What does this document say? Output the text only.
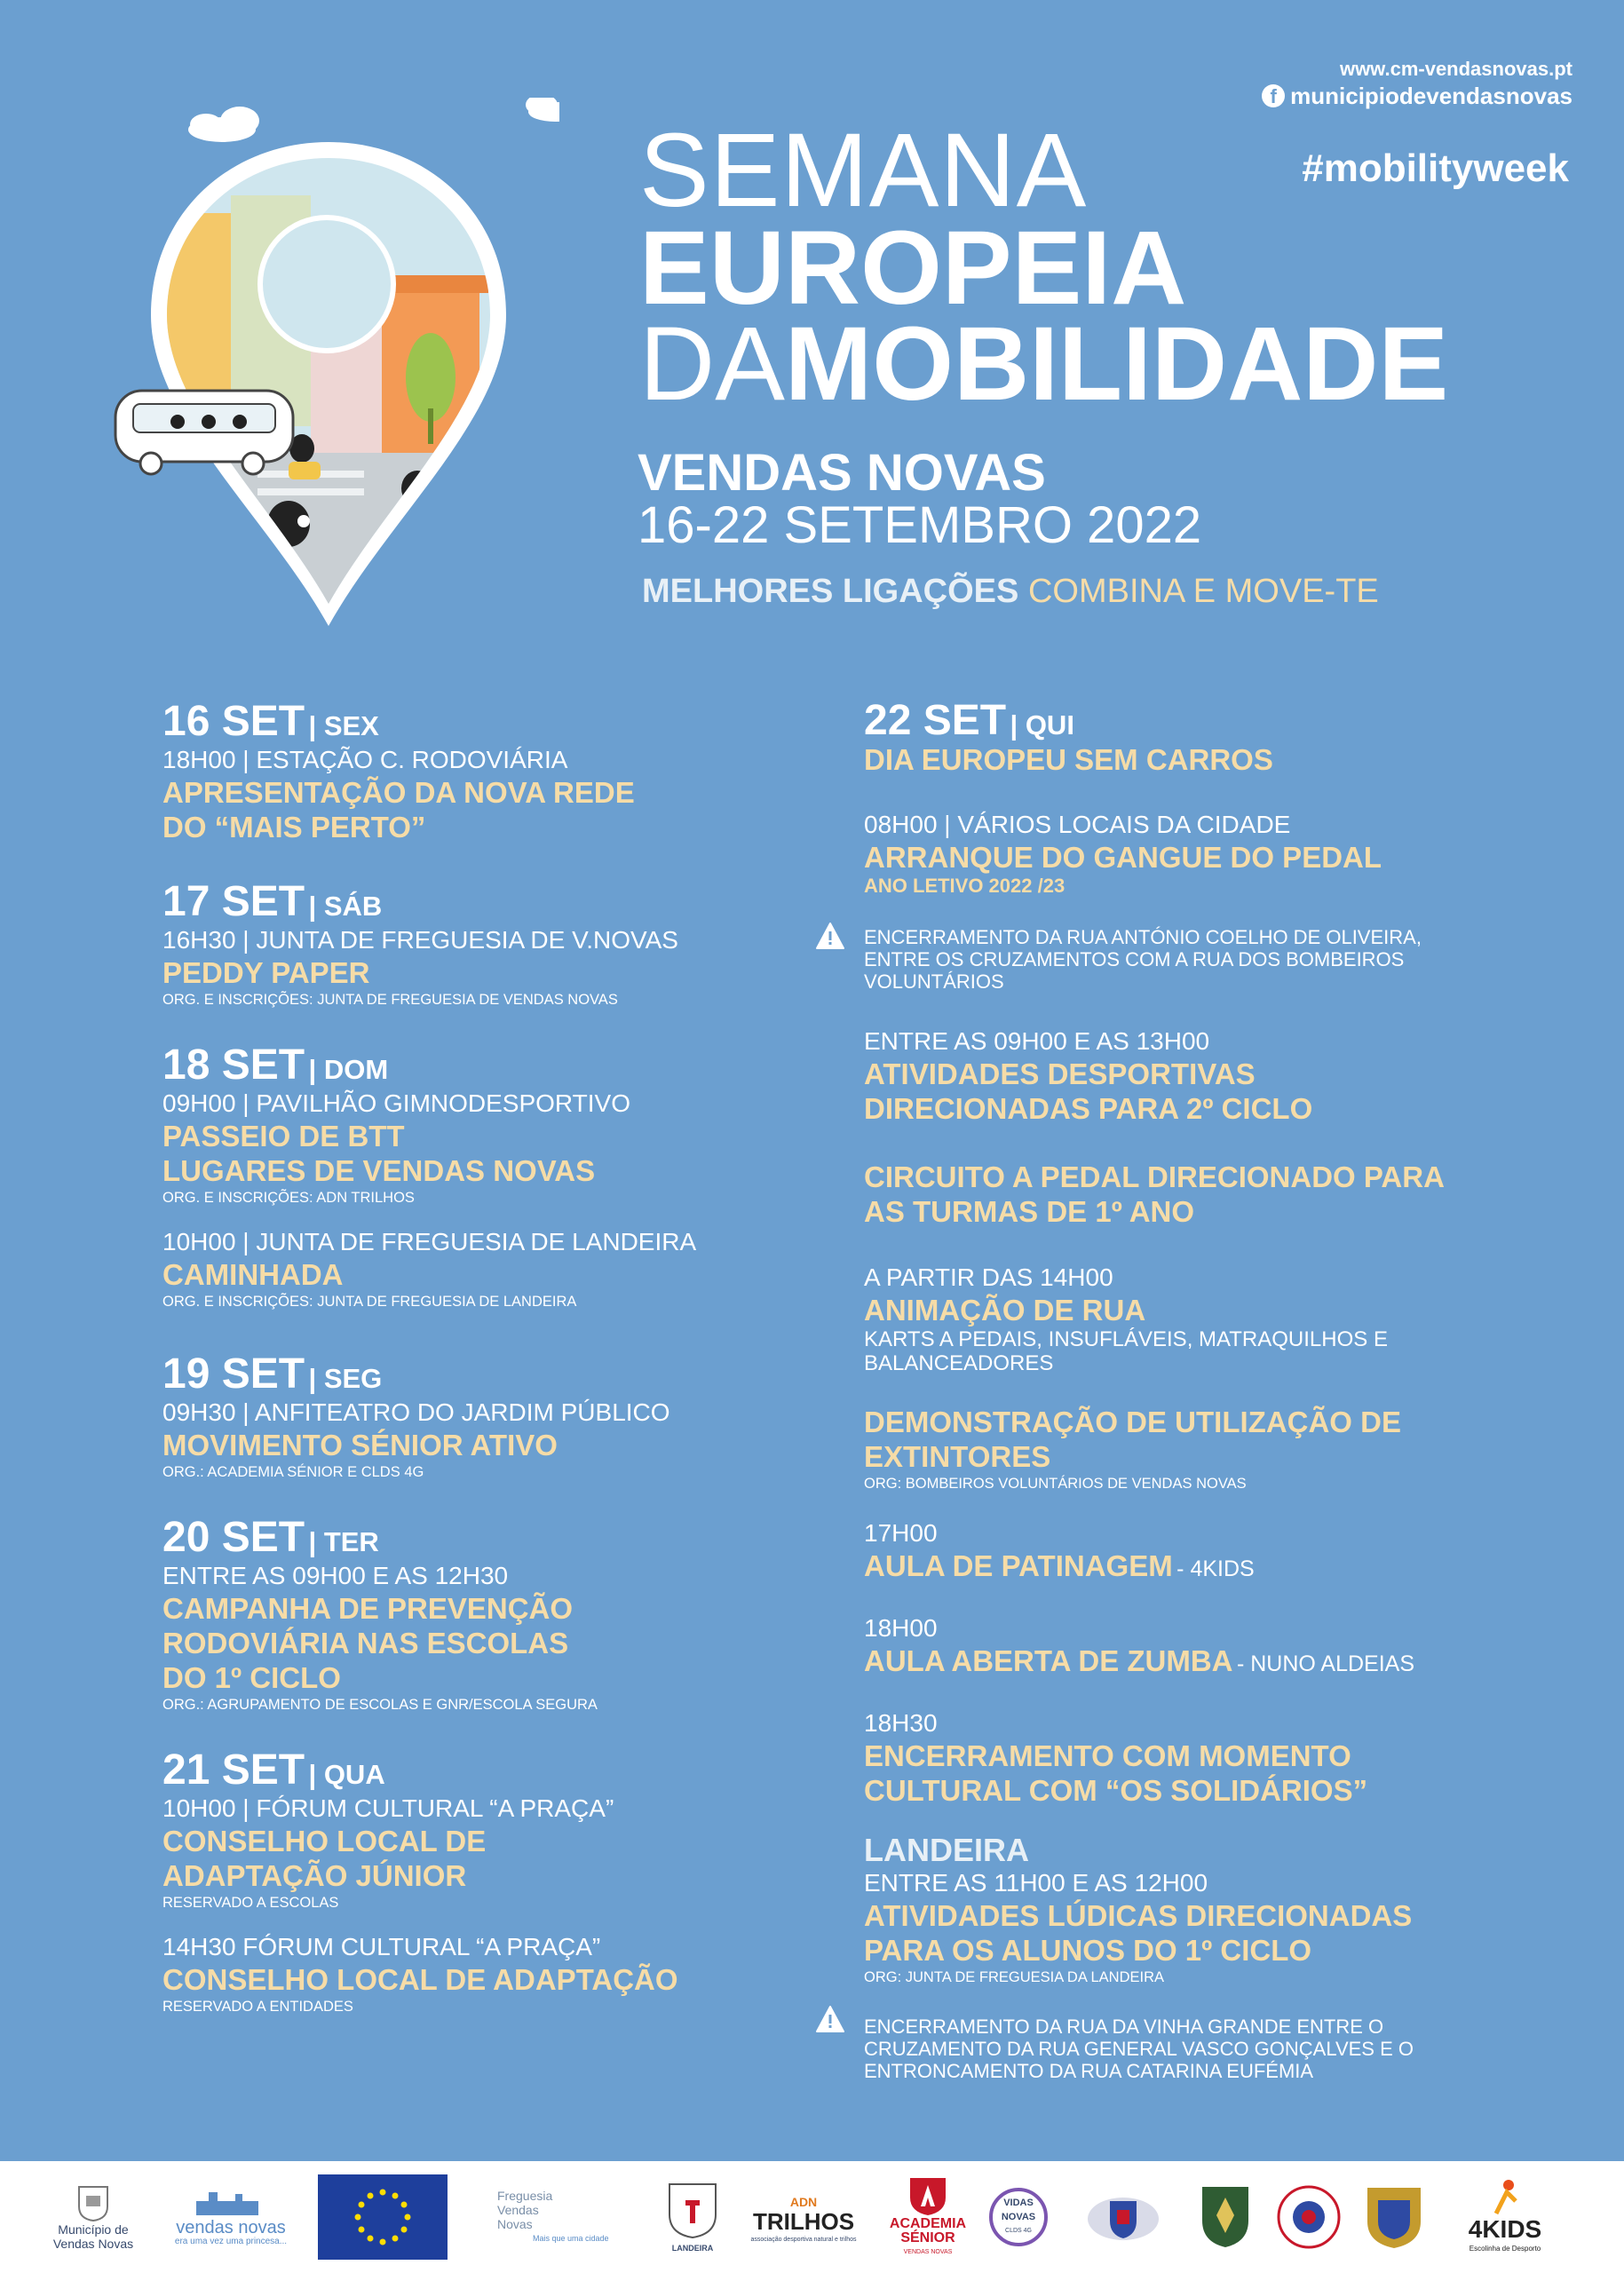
www.cm-vendasnovas.pt
f municipiodevendasnovas
#mobilityweek
SEMANA
EUROPEIA
DAMOBILIDADE
VENDAS NOVAS
16-22 SETEMBRO 2022
MELHORES LIGAÇÕES COMBINA E MOVE-TE
16 SET | SEX
18H00 | ESTAÇÃO C. RODOVIÁRIA
APRESENTAÇÃO DA NOVA REDE
DO “MAIS PERTO”
17 SET | SÁB
16H30 | JUNTA DE FREGUESIA DE V.NOVAS
PEDDY PAPER
ORG. E INSCRIÇÕES: JUNTA DE FREGUESIA DE VENDAS NOVAS
18 SET | DOM
09H00 | PAVILHÃO GIMNODESPORTIVO
PASSEIO DE BTT
LUGARES DE VENDAS NOVAS
ORG. E INSCRIÇÕES: ADN TRILHOS
10H00 | JUNTA DE FREGUESIA DE LANDEIRA
CAMINHADA
ORG. E INSCRIÇÕES: JUNTA DE FREGUESIA DE LANDEIRA
19 SET | SEG
09H30 | ANFITEATRO DO JARDIM PÚBLICO
MOVIMENTO SÉNIOR ATIVO
ORG.: ACADEMIA SÉNIOR E CLDS 4G
20 SET | TER
ENTRE AS 09H00 E AS 12H30
CAMPANHA DE PREVENÇÃO
RODOVIÁRIA NAS ESCOLAS
DO 1º CICLO
ORG.: AGRUPAMENTO DE ESCOLAS E GNR/ESCOLA SEGURA
21 SET | QUA
10H00 | FÓRUM CULTURAL “A PRAÇA”
CONSELHO LOCAL DE
ADAPTAÇÃO JÚNIOR
RESERVADO A ESCOLAS
14H30 FÓRUM CULTURAL “A PRAÇA”
CONSELHO LOCAL DE ADAPTAÇÃO
RESERVADO A ENTIDADES
22 SET | QUI
DIA EUROPEU SEM CARROS
08H00 | VÁRIOS LOCAIS DA CIDADE
ARRANQUE DO GANGUE DO PEDAL
ANO LETIVO 2022 /23
ENCERRAMENTO DA RUA ANTÓNIO COELHO DE OLIVEIRA,
ENTRE OS CRUZAMENTOS COM A RUA DOS BOMBEIROS
VOLUNTÁRIOS
ENTRE AS 09H00 E AS 13H00
ATIVIDADES DESPORTIVAS
DIRECIONADAS PARA 2º CICLO
CIRCUITO A PEDAL DIRECIONADO PARA
AS TURMAS DE 1º ANO
A PARTIR DAS 14H00
ANIMAÇÃO DE RUA
KARTS A PEDAIS, INSUFLÁVEIS, MATRAQUILHOS E
BALANCEADORES
DEMONSTRAÇÃO DE UTILIZAÇÃO DE
EXTINTORES
ORG: BOMBEIROS VOLUNTÁRIOS DE VENDAS NOVAS
17H00
AULA DE PATINAGEM - 4KIDS
18H00
AULA ABERTA DE ZUMBA - NUNO ALDEIAS
18H30
ENCERRAMENTO COM MOMENTO
CULTURAL COM “OS SOLIDÁRIOS”
LANDEIRA
ENTRE AS 11H00 E AS 12H00
ATIVIDADES LÚDICAS DIRECIONADAS
PARA OS ALUNOS DO 1º CICLO
ORG: JUNTA DE FREGUESIA DA LANDEIRA
ENCERRAMENTO DA RUA DA VINHA GRANDE ENTRE O
CRUZAMENTO DA RUA GENERAL VASCO GONÇALVES E O
ENTRONCAMENTO DA RUA CATARINA EUFÉMIA
Município de Vendas Novas
vendas novas
era uma vez uma princesa...
Freguesia Vendas Novas
Mais que uma cidade
LANDEIRA
ADN
TRILHOS
associação desportiva natural e trilhos
ACADEMIA
SÉNIOR
VENDAS NOVAS
VIDAS
NOVAS
CLDS 4G	4KIDS
Escolinha de Desporto
